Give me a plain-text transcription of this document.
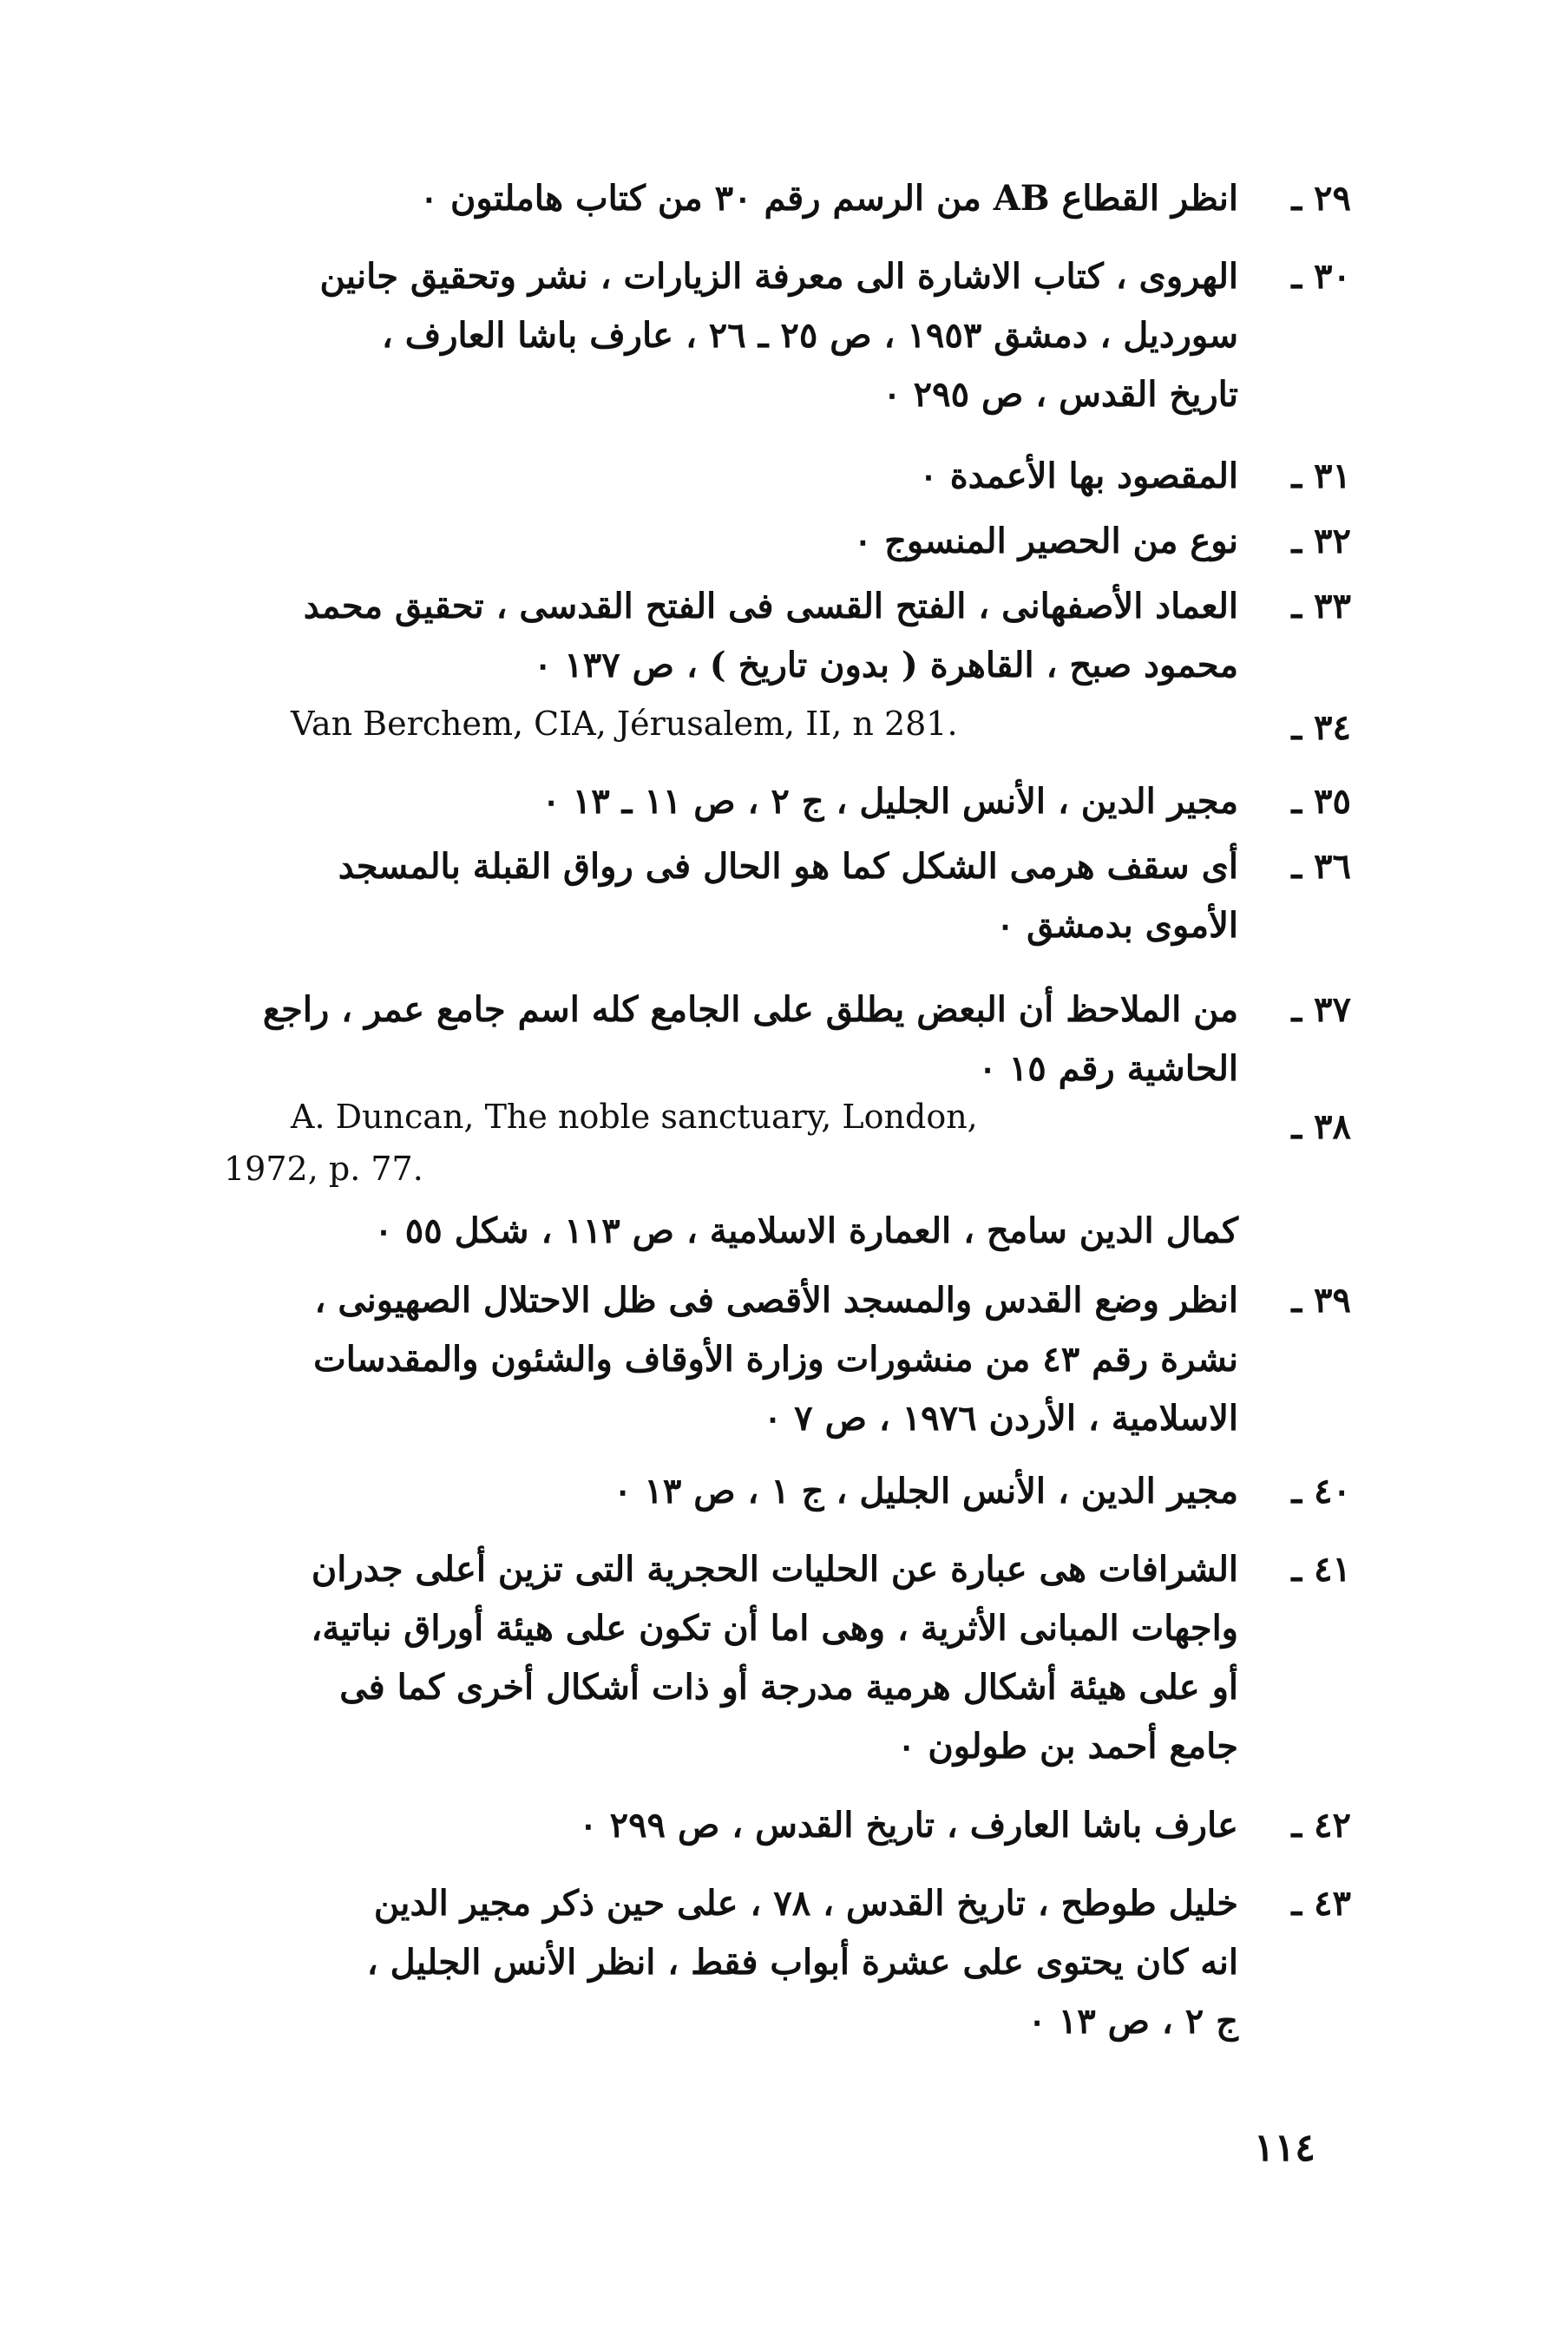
٢٩ ـ
انظر القطاع AB من الرسم رقم ٣٠ من كتاب هاملتون ٠
٣٠ ـ
الهروى ، كتاب الاشارة الى معرفة الزيارات ، نشر وتحقيق جانين
سورديل ، دمشق ١٩٥٣ ، ص ٢٥ ـ ٢٦ ، عارف باشا العارف ،
تاريخ القدس ، ص ٢٩٥ ٠
٣١ ـ
المقصود بها الأعمدة ٠
٣٢ ـ
نوع من الحصير المنسوج ٠
٣٣ ـ
العماد الأصفهانى ، الفتح القسى فى الفتح القدسى ، تحقيق محمد
محمود صبح ، القاهرة ( بدون تاريخ ) ، ص ١٣٧ ٠
٣٤ ـ
Van Berchem, CIA, Jérusalem, II, n 281.
٣٥ ـ
مجير الدين ، الأنس الجليل ، ج ٢ ، ص ١١ ـ ١٣ ٠
٣٦ ـ
أى سقف هرمى الشكل كما هو الحال فى رواق القبلة بالمسجد
الأموى بدمشق ٠
٣٧ ـ
من الملاحظ أن البعض يطلق على الجامع كله اسم جامع عمر ، راجع
الحاشية رقم ١٥ ٠
٣٨ ـ
A. Duncan, The noble sanctuary, London,
1972, p. 77.
كمال الدين سامح ، العمارة الاسلامية ، ص ١١٣ ، شكل ٥٥ ٠
٣٩ ـ
انظر وضع القدس والمسجد الأقصى فى ظل الاحتلال الصهيونى ،
نشرة رقم ٤٣ من منشورات وزارة الأوقاف والشئون والمقدسات
الاسلامية ، الأردن ١٩٧٦ ، ص ٧ ٠
٤٠ ـ
مجير الدين ، الأنس الجليل ، ج ١ ، ص ١٣ ٠
٤١ ـ
الشرافات هى عبارة عن الحليات الحجرية التى تزين أعلى جدران
واجهات المبانى الأثرية ، وهى اما أن تكون على هيئة أوراق نباتية،
أو على هيئة أشكال هرمية مدرجة أو ذات أشكال أخرى كما فى
جامع أحمد بن طولون ٠
٤٢ ـ
عارف باشا العارف ، تاريخ القدس ، ص ٢٩٩ ٠
٤٣ ـ
خليل طوطح ، تاريخ القدس ، ٧٨ ، على حين ذكر مجير الدين
انه كان يحتوى على عشرة أبواب فقط ، انظر الأنس الجليل ،
ج ٢ ، ص ١٣ ٠
١١٤
